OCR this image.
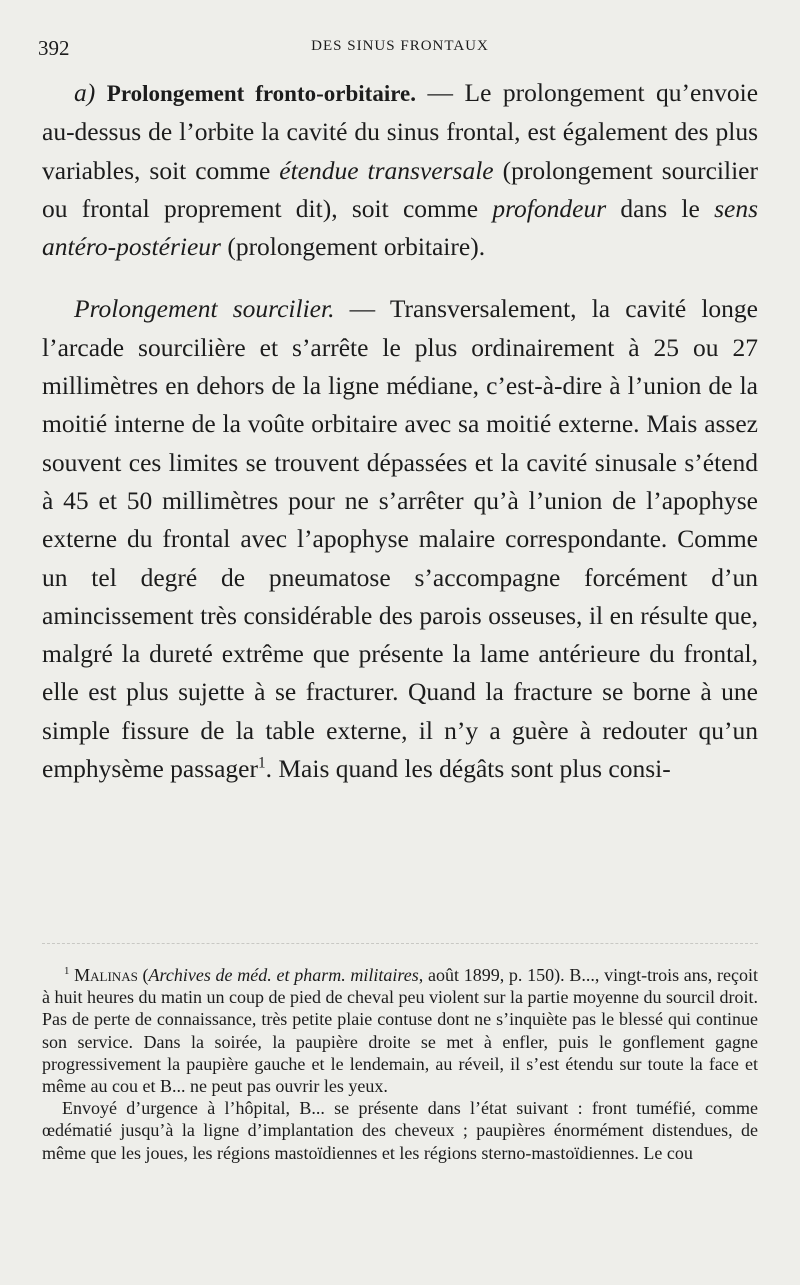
392	DES SINUS FRONTAUX

a) Prolongement fronto-orbitaire. — Le prolongement qu’envoie au-dessus de l’orbite la cavité du sinus frontal, est également des plus variables, soit comme étendue transversale (prolongement sourcilier ou frontal proprement dit), soit comme profondeur dans le sens antéro-postérieur (prolongement orbitaire).

Prolongement sourcilier. — Transversalement, la cavité longe l’arcade sourcilière et s’arrête le plus ordinairement à 25 ou 27 millimètres en dehors de la ligne médiane, c’est-à-dire à l’union de la moitié interne de la voûte orbitaire avec sa moitié externe. Mais assez souvent ces limites se trouvent dépassées et la cavité sinusale s’étend à 45 et 50 millimètres pour ne s’arrêter qu’à l’union de l’apophyse externe du frontal avec l’apophyse malaire correspondante. Comme un tel degré de pneumatose s’accompagne forcément d’un amincissement très considérable des parois osseuses, il en résulte que, malgré la dureté extrême que présente la lame antérieure du frontal, elle est plus sujette à se fracturer. Quand la fracture se borne à une simple fissure de la table externe, il n’y a guère à redouter qu’un emphysème passager$^1$. Mais quand les dégâts sont plus consi-

$^1$ Malinas (Archives de méd. et pharm. militaires, août 1899, p. 150). B..., vingt-trois ans, reçoit à huit heures du matin un coup de pied de cheval peu violent sur la partie moyenne du sourcil droit. Pas de perte de connaissance, très petite plaie contuse dont ne s’inquiète pas le blessé qui continue son service. Dans la soirée, la paupière droite se met à enfler, puis le gonflement gagne progressivement la paupière gauche et le lendemain, au réveil, il s’est étendu sur toute la face et même au cou et B... ne peut pas ouvrir les yeux.

Envoyé d’urgence à l’hôpital, B... se présente dans l’état suivant : front tuméfié, comme œdématié jusqu’à la ligne d’implantation des cheveux ; paupières énormément distendues, de même que les joues, les régions mastoïdiennes et les régions sterno-mastoïdiennes. Le cou
